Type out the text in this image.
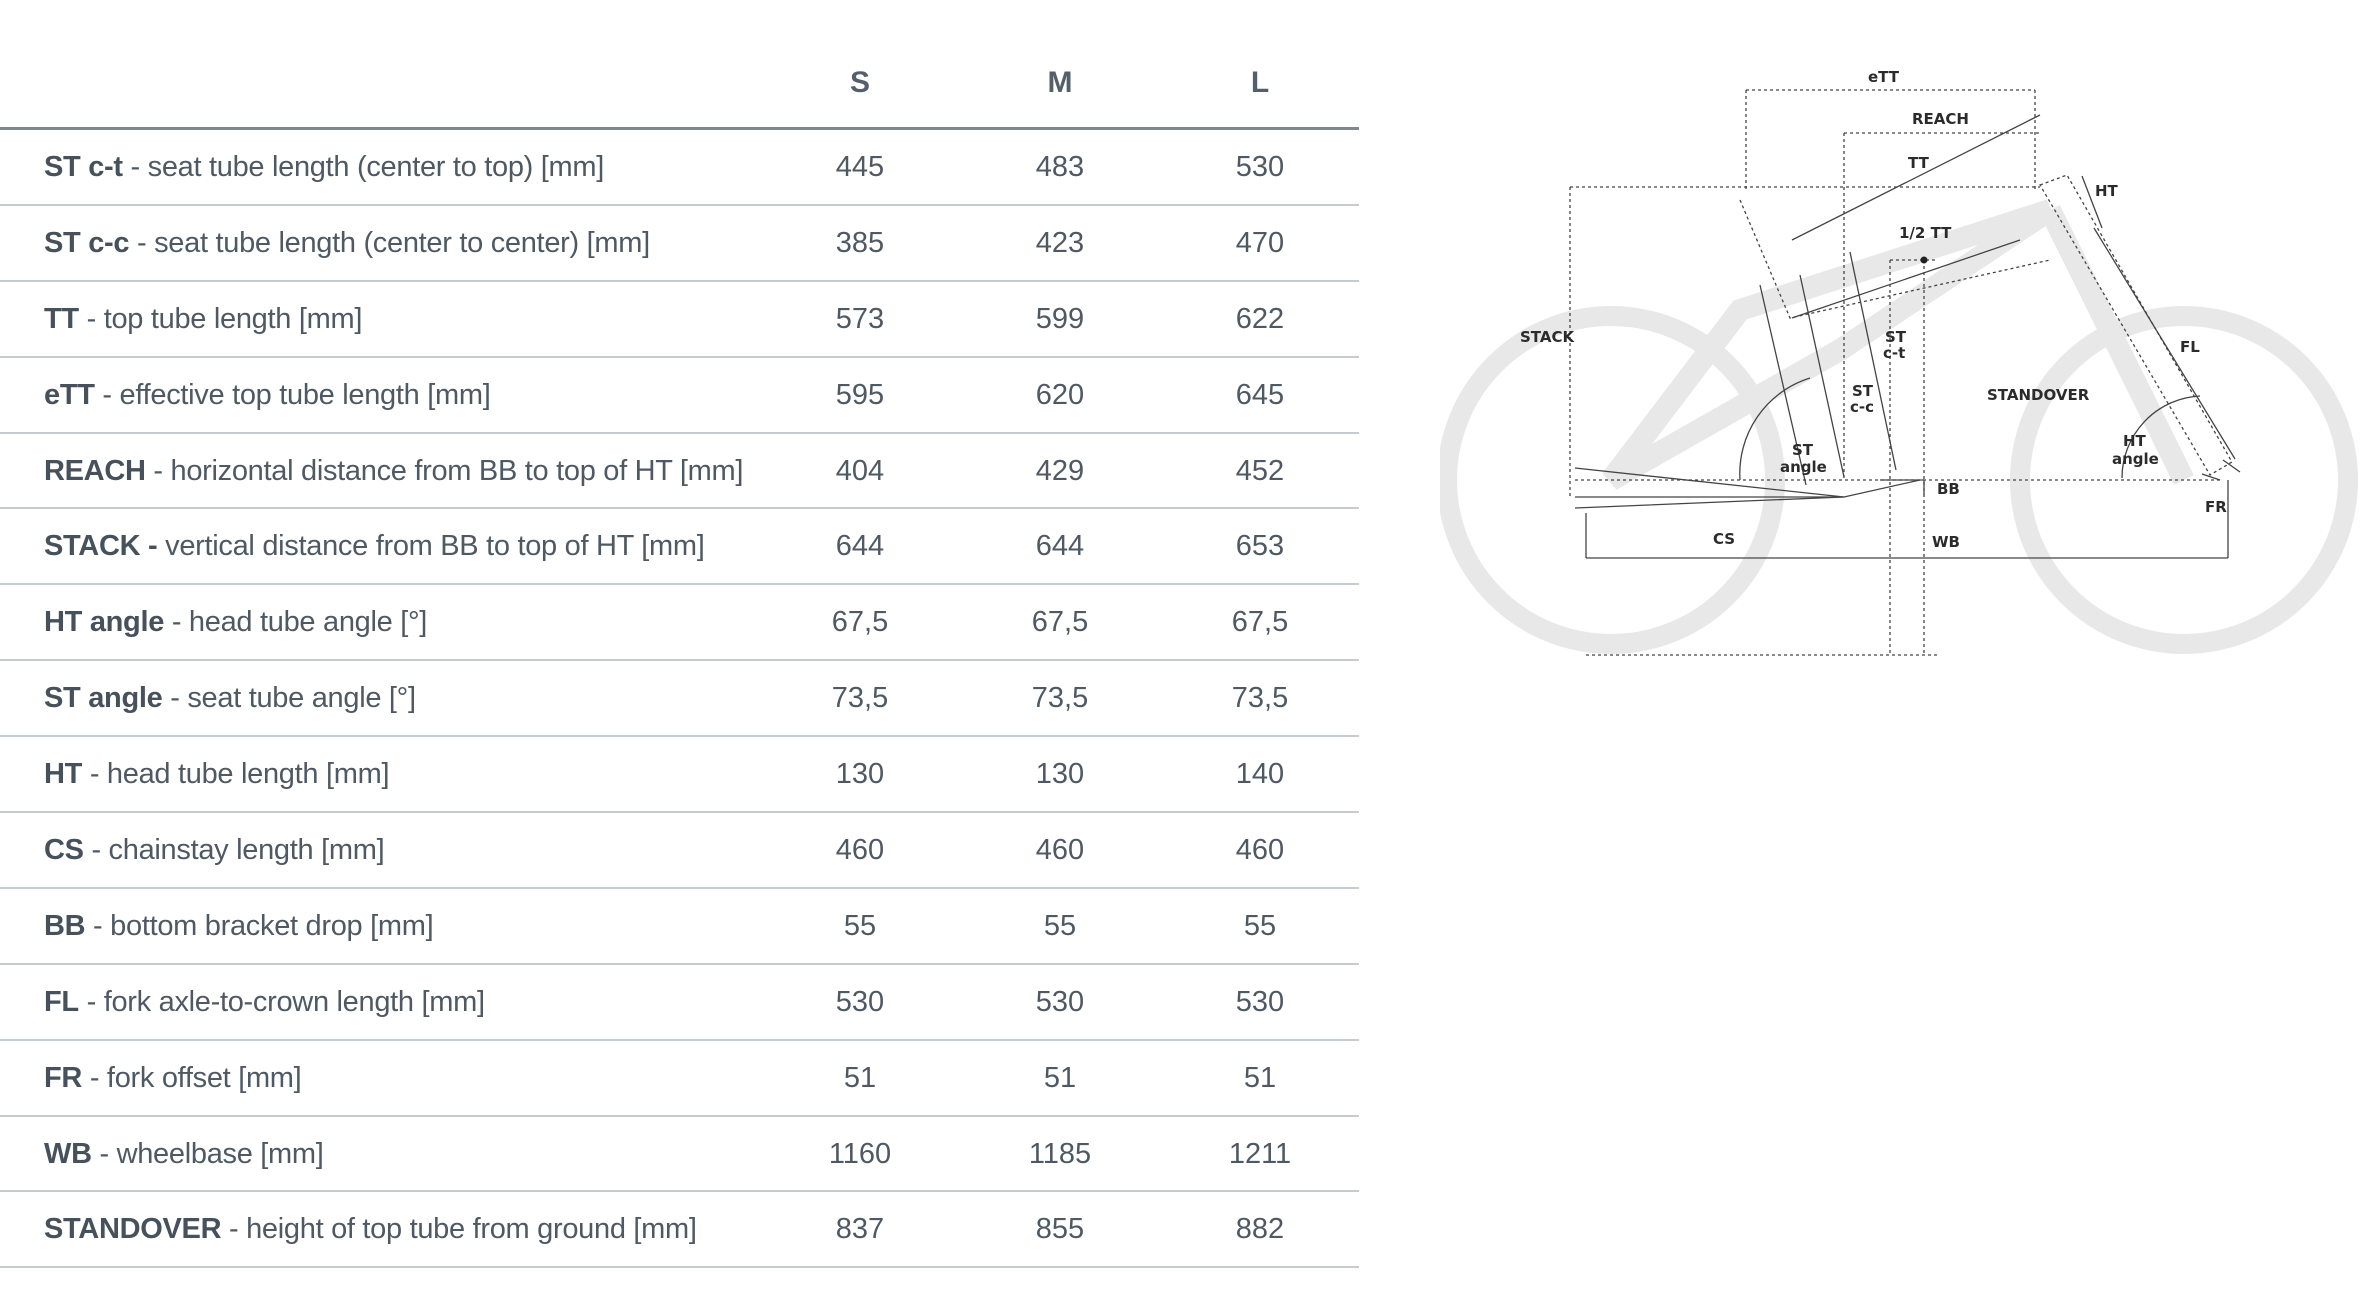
S	M	L
ST c-t - seat tube length (center to top) [mm]	445	483	530
ST c-c - seat tube length (center to center) [mm]	385	423	470
TT - top tube length [mm]	573	599	622
eTT - effective top tube length [mm]	595	620	645
REACH - horizontal distance from BB to top of HT [mm]	404	429	452
STACK - vertical distance from BB to top of HT [mm]	644	644	653
HT angle - head tube angle [°]	67,5	67,5	67,5
ST angle - seat tube angle [°]	73,5	73,5	73,5
HT - head tube length [mm]	130	130	140
CS - chainstay length [mm]	460	460	460
BB - bottom bracket drop [mm]	55	55	55
FL - fork axle-to-crown length [mm]	530	530	530
FR - fork offset [mm]	51	51	51
WB - wheelbase [mm]	1160	1185	1211
STANDOVER - height of top tube from ground [mm]	837	855	882
eTT
REACH
TT
HT
1/2 TT
STACK	ST
c-t
ST
c-c
STANDOVER
FL
ST
angle
HT
angle
BB
FR
CS	WB
